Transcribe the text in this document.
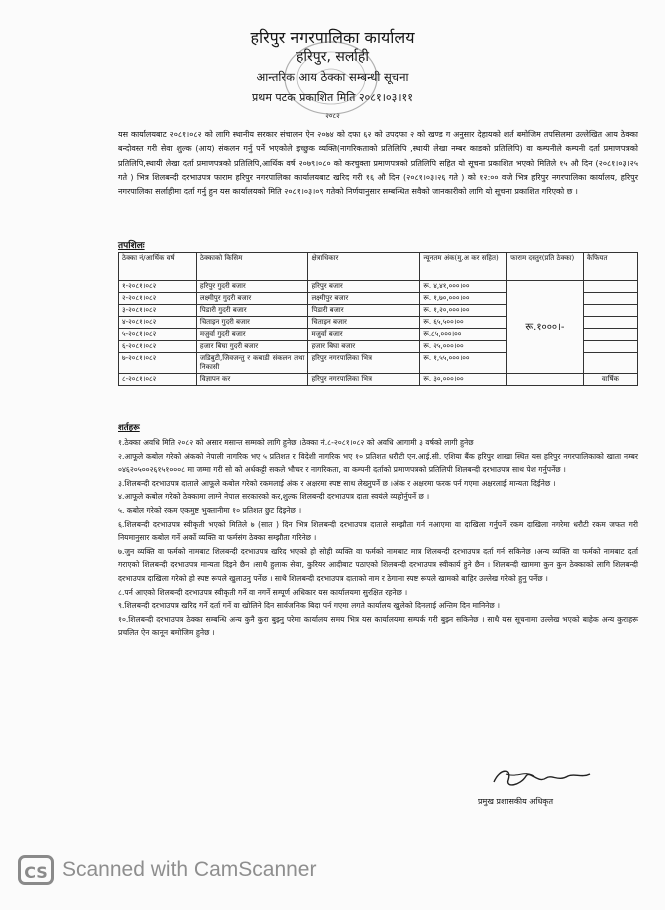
हरिपुर नगरपालिका कार्यालय
हरिपुर, सर्लाही
आन्तरिक आय ठेक्का सम्बन्धी सूचना
प्रथम पटक प्रकाशित मिति २०८१।०३।११
२०८२
यस कार्यालयबाट २०८१।०८२ को लागि स्थानीय सरकार संचालन ऐन २०७४ को दफा ६२ को उपदफा २ को खण्ड ग अनुसार देहायको शर्त बमोजिम तपसिलमा उल्लेखित आय ठेक्का बन्दोवस्त गरी सेवा शुल्क (आय) संकलन गर्नु पर्ने भएकोले इच्छुक व्यक्ति(नागरिकताको प्रतिलिपि ,स्थायी लेखा नम्बर काडको प्रतिलिपि) वा कम्पनीले कम्पनी दर्ता प्रमाणपत्रको प्रतिलिपि,स्थायी लेखा दर्ता प्रमाणपत्रको प्रतिलिपि,आर्थिक वर्ष २०७९।०८० को करचुक्ता प्रमाणपत्रको प्रतिलिपि सहित यो सूचना प्रकाशित भएको मितिले १५ औ दिन (२०८१।०३।२५ गते ) भित्र शिलबन्दी दरभाउपत्र फाराम हरिपुर नगरपालिका कार्यालयबाट खरिद गरी १६ औ दिन (२०८१।०३।२६ गते ) को १२:०० वजे भित्र हरिपुर नगरपालिका कार्यालय, हरिपुर नगरपालिका सर्लाहीमा दर्ता गर्नु हुन यस कार्यालयको मिति २०८१।०३।०९ गतेको निर्णयानुसार सम्बन्धित सवैको जानकारीको लागि यो सूचना प्रकाशित गरिएको छ ।
तपशिलः
ठेक्का नं/आर्थिक वर्ष	ठेक्काको किसिम	क्षेत्राधिकार	न्यूनतम अंक(मु.अ कर सहित)	फाराम दस्तुर(प्रति ठेक्का)	कैफियत
१-२०८१।०८२	हरिपुर गुदरी बजार	हरिपुर बजार	रू. ४,४१,०००।००	रू.१०००।-	
२-२०८१।०८२	लक्ष्मीपुर गुदरी बजार	लक्ष्मीपुर बजार	रू. १,७०,०००।००		
३-२०८१।०८२	पिडारी गुदरी बजार	पिडारी बजार	रू. १,२०,०००।००		
४-२०८१।०८२	चिताइन गुदरी बजार	चिताइन बजार	रू. ६५,५००।००		
५-२०८१।०८२	मजुर्वा गुदरी बजार	मजुर्वा बजार	रू.८५,०००।००		
६-२०८१।०८२	हजार बिघा गुदरी बजार	हजार बिघा बजार	रू. २५,०००।००		
७-२०८१।०८२	जडिबुटी,जिवजन्तु र कबाडी संकलन तथा निकासी	हरिपुर नगरपालिका भित्र	रू. १,५५,०००।००		
८-२०८१।०८२	विज्ञापन कर	हरिपुर नगरपालिका भित्र	रू. ३०,०००।००		वार्षिक
शर्तहरू
१.ठेक्का अवधि मिति २०८२ को असार मसान्त सम्मको लागि हुनेछ ।ठेक्का नं.८-२०८१।०८२ को अवधि आगामी ३ वर्षको लागी हुनेछ
२.आफूले कबोल गरेको अंकको नेपाली नागरिक भए ५ प्रतिशत र विदेशी नागरिक भए १० प्रतिशत धरौटी एन.आई.सी. एशिया बैंक हरिपुर शाखा स्थित यस हरिपुर नगरपालिकाको खाता नम्बर ०४६२०५००२६१५१०००८ मा जम्मा गरी सो को अर्धकट्टी सकले भौचर र नागरिकता, वा कम्पनी दर्ताको प्रमाणपत्रको प्रतिलिपी शिलबन्दी दरभाउपत्र साथ पेश गर्नुपर्नेछ ।
३.शिलबन्दी दरभाउपत्र दाताले आफूले कबोल गरेको रकमलाई अंक र अक्षरमा स्पष्ट साथ लेख्नुपर्ने छ ।अंक र अक्षरमा फरक पर्न गएमा अक्षरलाई मान्यता दिईनेछ ।
४.आफूले कबोल गरेको ठेक्कामा लाग्ने नेपाल सरकारको कर,शुल्क शिलबन्दी दरभाउपत्र दाता स्वयंले व्यहोर्नुपर्ने छ ।
५. कबोल गरेको रकम एकमुष्ट भुक्तानीमा १० प्रतिशत छुट दिइनेछ ।
६.शिलबन्दी दरभाउपत्र स्वीकृती भएको मितिले ७ (सात ) दिन भित्र शिलबन्दी दरभाउपत्र दाताले सम्झौता गर्न नआएमा वा दाखिला गर्नुपर्ने रकम दाखिला नगरेमा धरौटी रकम जफत गरी नियमानुसार कबोल गर्ने अर्को व्यक्ति वा फर्मसंग ठेक्का सम्झौता गरिनेछ ।
७.जुन व्यक्ति वा फर्मको नामबाट शिलबन्दी दरभाउपत्र खरिद भएको हो सोही व्यक्ति वा फर्मको नामबाट मात्र शिलबन्दी दरभाउपत्र दर्ता गर्न सकिनेछ ।अन्य व्यक्ति वा फर्मको नामबाट दर्ता गराएको शिलबन्दी दरभाउपत्र मान्यता दिइने छैन ।साथै हुलाक सेवा, कुरियर आदीबाट पठाएको शिलबन्दी दरभाउपत्र स्वीकार्य हुने छैन । शिलबन्दी खाममा कुन कुन ठेक्काको लागि शिलबन्दी दरभाउपत्र दाखिला गरेको हो स्पष्ट रूपले खुलाउनु पर्नेछ । साथै शिलबन्दी दरभाउपत्र दाताको नाम र ठेगाना स्पष्ट रूपले खामको बाहिर उल्लेख गरेको हुनु पर्नेछ ।
८.पर्न आएको शिलबन्दी दरभाउपत्र स्वीकृती गर्ने वा नगर्ने सम्पूर्ण अधिकार यस कार्यालयमा सुरक्षित रहनेछ ।
९.शिलबन्दी दरभाउपत्र खरिद गर्ने दर्ता गर्ने वा खोलिने दिन सार्वजनिक बिदा पर्न गएमा लगते कार्यालय खुलेको दिनलाई अन्तिम दिन मानिनेछ ।
१०.शिलबन्दी दरभाउपत्र ठेक्का सम्बन्धि अन्य कुनै कुरा बुझ्नु परेमा कार्यालय समय भित्र यस कार्यालयमा सम्पर्क गरी बुझ्न सकिनेछ । साथै यस सूचनामा उल्लेख भएको बाहेक अन्य कुराहरू प्रचलित ऐन कानून बमोजिम हुनेछ ।
प्रमुख प्रशासकीय अधिकृत
CS Scanned with CamScanner
